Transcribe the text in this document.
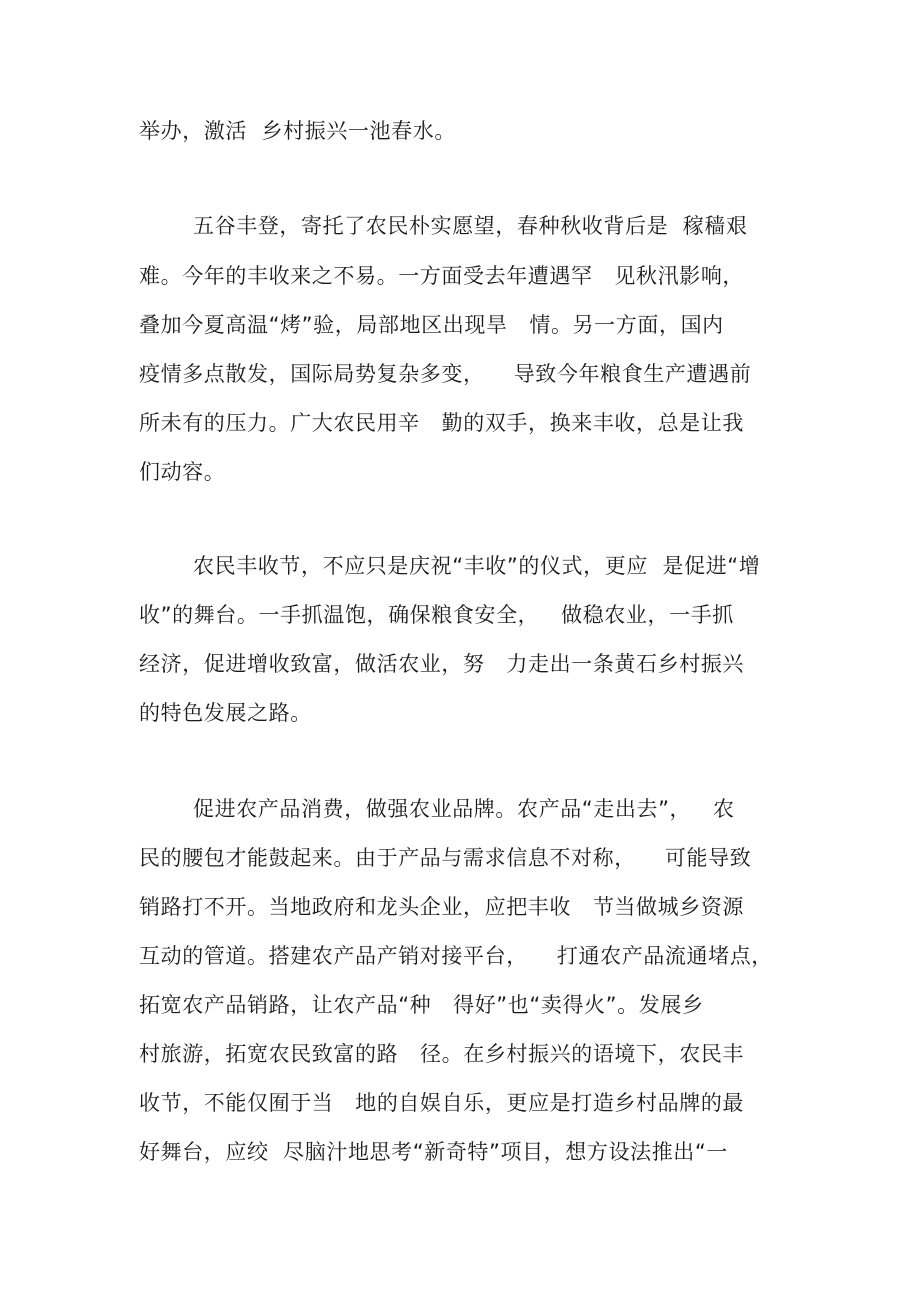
举办，激活  乡村振兴一池春水。
五谷丰登，寄托了农民朴实愿望，春种秋收背后是  稼穑艰
难。今年的丰收来之不易。一方面受去年遭遇罕   见秋汛影响，
叠加今夏高温“烤”验，局部地区出现旱   情。另一方面，国内
疫情多点散发，国际局势复杂多变，    导致今年粮食生产遭遇前
所未有的压力。广大农民用辛   勤的双手，换来丰收，总是让我
们动容。
农民丰收节，不应只是庆祝“丰收”的仪式，更应  是促进“增
收”的舞台。一手抓温饱，确保粮食安全，   做稳农业，一手抓
经济，促进增收致富，做活农业，努   力走出一条黄石乡村振兴
的特色发展之路。
促进农产品消费，做强农业品牌。农产品“走出去”，   农
民的腰包才能鼓起来。由于产品与需求信息不对称，    可能导致
销路打不开。当地政府和龙头企业，应把丰收   节当做城乡资源
互动的管道。搭建农产品产销对接平台，    打通农产品流通堵点，
拓宽农产品销路，让农产品“种   得好”也“卖得火”。发展乡
村旅游，拓宽农民致富的路   径。在乡村振兴的语境下，农民丰
收节，不能仅囿于当   地的自娱自乐，更应是打造乡村品牌的最
好舞台，应绞  尽脑汁地思考“新奇特”项目，想方设法推出“一
